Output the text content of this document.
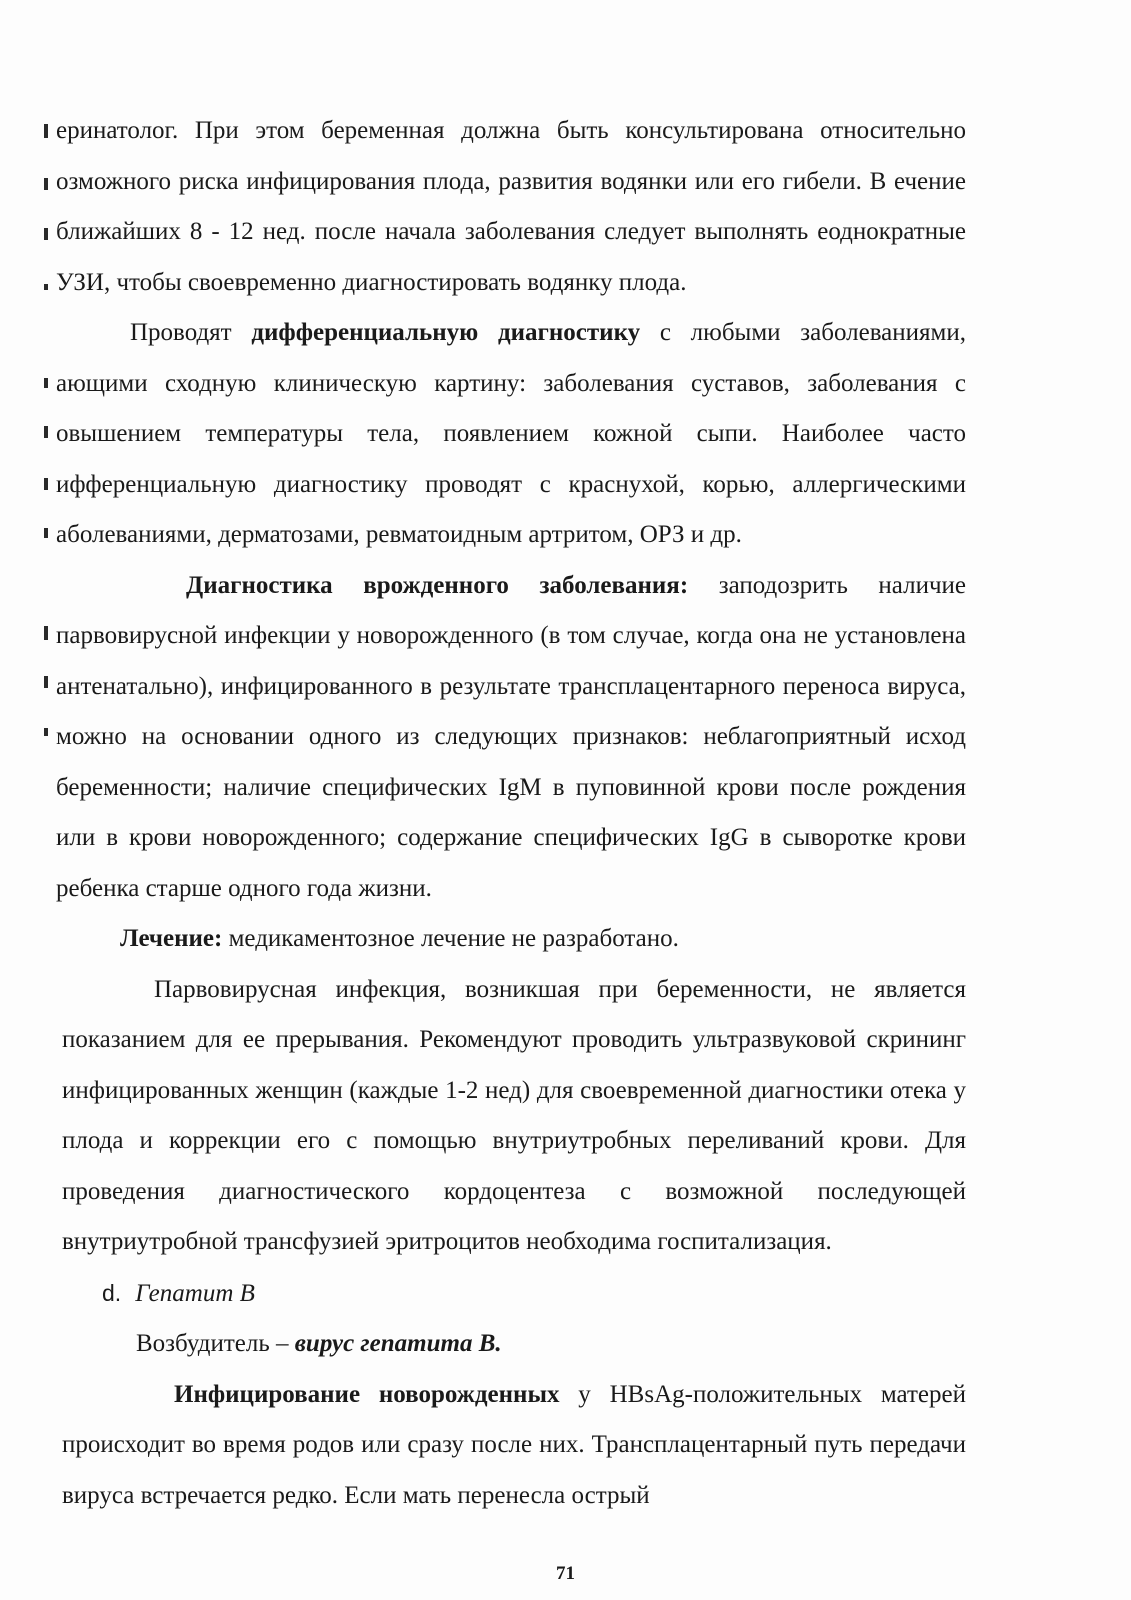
еринатолог. При этом беременная должна быть консультирована относительно озможного риска инфицирования плода, развития водянки или его гибели. В ечение ближайших 8 - 12 нед. после начала заболевания следует выполнять еоднократные УЗИ, чтобы своевременно диагностировать водянку плода.

Проводят дифференциальную диагностику с любыми заболеваниями, ающими сходную клиническую картину: заболевания суставов, заболевания с овышением температуры тела, появлением кожной сыпи. Наиболее часто ифференциальную диагностику проводят с краснухой, корью, аллергическими аболеваниями, дерматозами, ревматоидным артритом, ОРЗ и др.

Диагностика врожденного заболевания: заподозрить наличие парвовирусной инфекции у новорожденного (в том случае, когда она не установлена антенатально), инфицированного в результате трансплацентарного переноса вируса, можно на основании одного из следующих признаков: неблагоприятный исход беременности; наличие специфических IgM в пуповинной крови после рождения или в крови новорожденного; содержание специфических IgG в сыворотке крови ребенка старше одного года жизни.

Лечение: медикаментозное лечение не разработано.

Парвовирусная инфекция, возникшая при беременности, не является показанием для ее прерывания. Рекомендуют проводить ультразвуковой скрининг инфицированных женщин (каждые 1-2 нед) для своевременной диагностики отека у плода и коррекции его с помощью внутриутробных переливаний крови. Для проведения диагностического кордоцентеза с возможной последующей внутриутробной трансфузией эритроцитов необходима госпитализация.

d. Гепатит В

Возбудитель – вирус гепатита В.

Инфицирование новорожденных у HBsAg-положительных матерей происходит во время родов или сразу после них. Трансплацентарный путь передачи вируса встречается редко. Если мать перенесла острый

71
